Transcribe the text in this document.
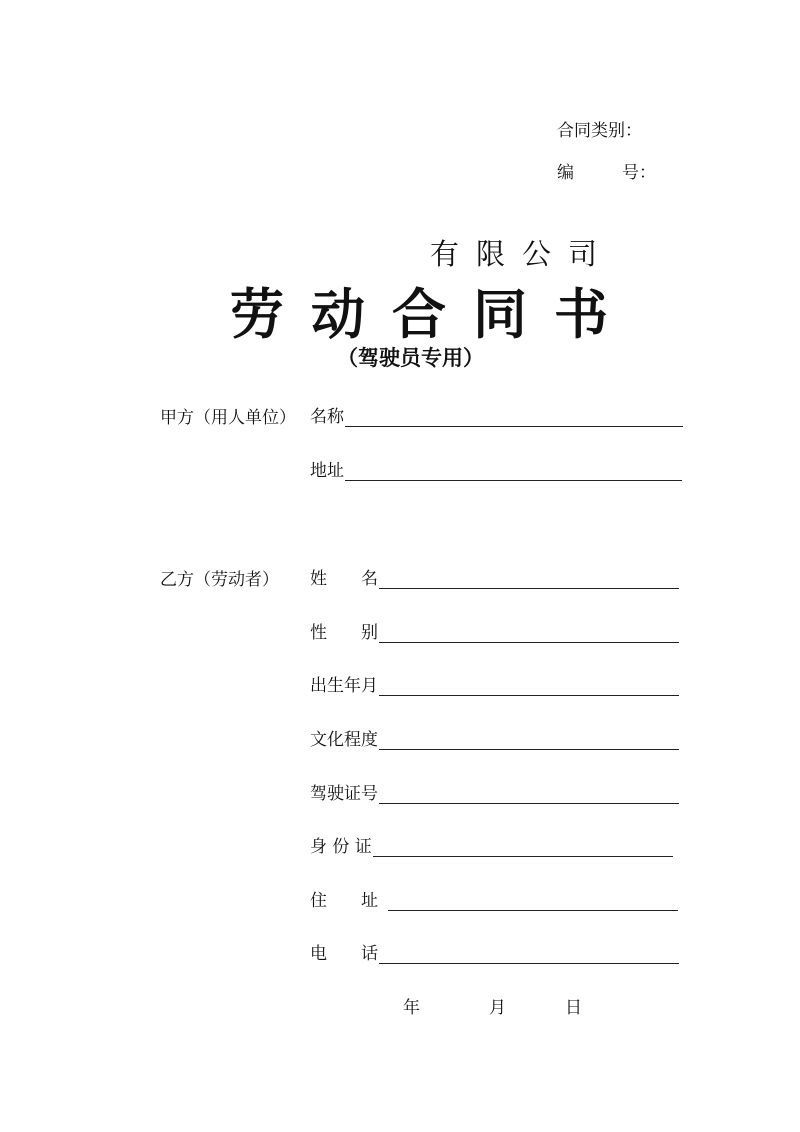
合同类别：
编	号：
有限公司
劳动合同书
（驾驶员专用）
甲方（用人单位） 名称
地址
乙方（劳动者） 姓　　名
性　　别
出生年月
文化程度
驾驶证号
身 份 证
住　　址
电　　话
年	月	日
